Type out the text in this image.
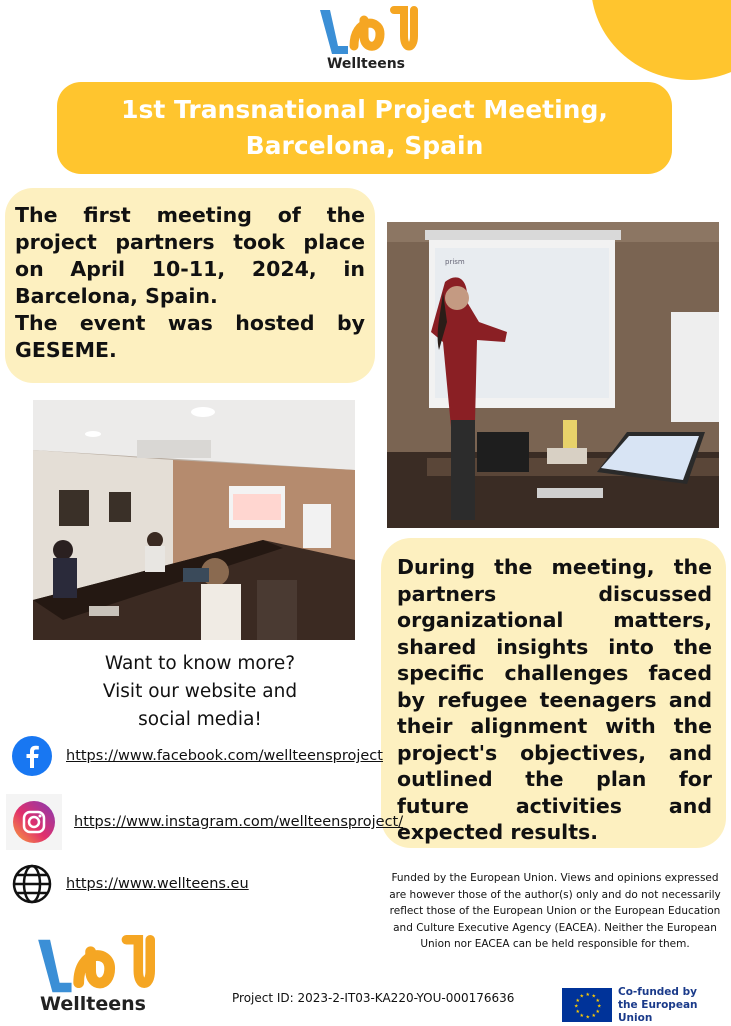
Wellteens
1st Transnational Project Meeting,
Barcelona, Spain

The first meeting of the project partners took place on April 10-11, 2024, in Barcelona, Spain.

The event was hosted by GESEME.

prism

During the meeting, the partners discussed organizational matters, shared insights into the specific challenges faced by refugee teenagers and their alignment with the project's objectives, and outlined the plan for future activities and expected results.

Want to know more?
Visit our website and
social media!
https://www.facebook.com/wellteensproject
https://www.instagram.com/wellteensproject/
https://www.wellteens.eu	Funded by the European Union. Views and opinions expressed are however those of the author(s) only and do not necessarily reflect those of the European Union or the European Education and Culture Executive Agency (EACEA). Neither the European Union nor EACEA can be held responsible for them.
Wellteens	Project ID: 2023-2-IT03-KA220-YOU-000176636	★ ★
★
★
★
★
★
★
★
★
★
★	Co-funded by
the European Union
